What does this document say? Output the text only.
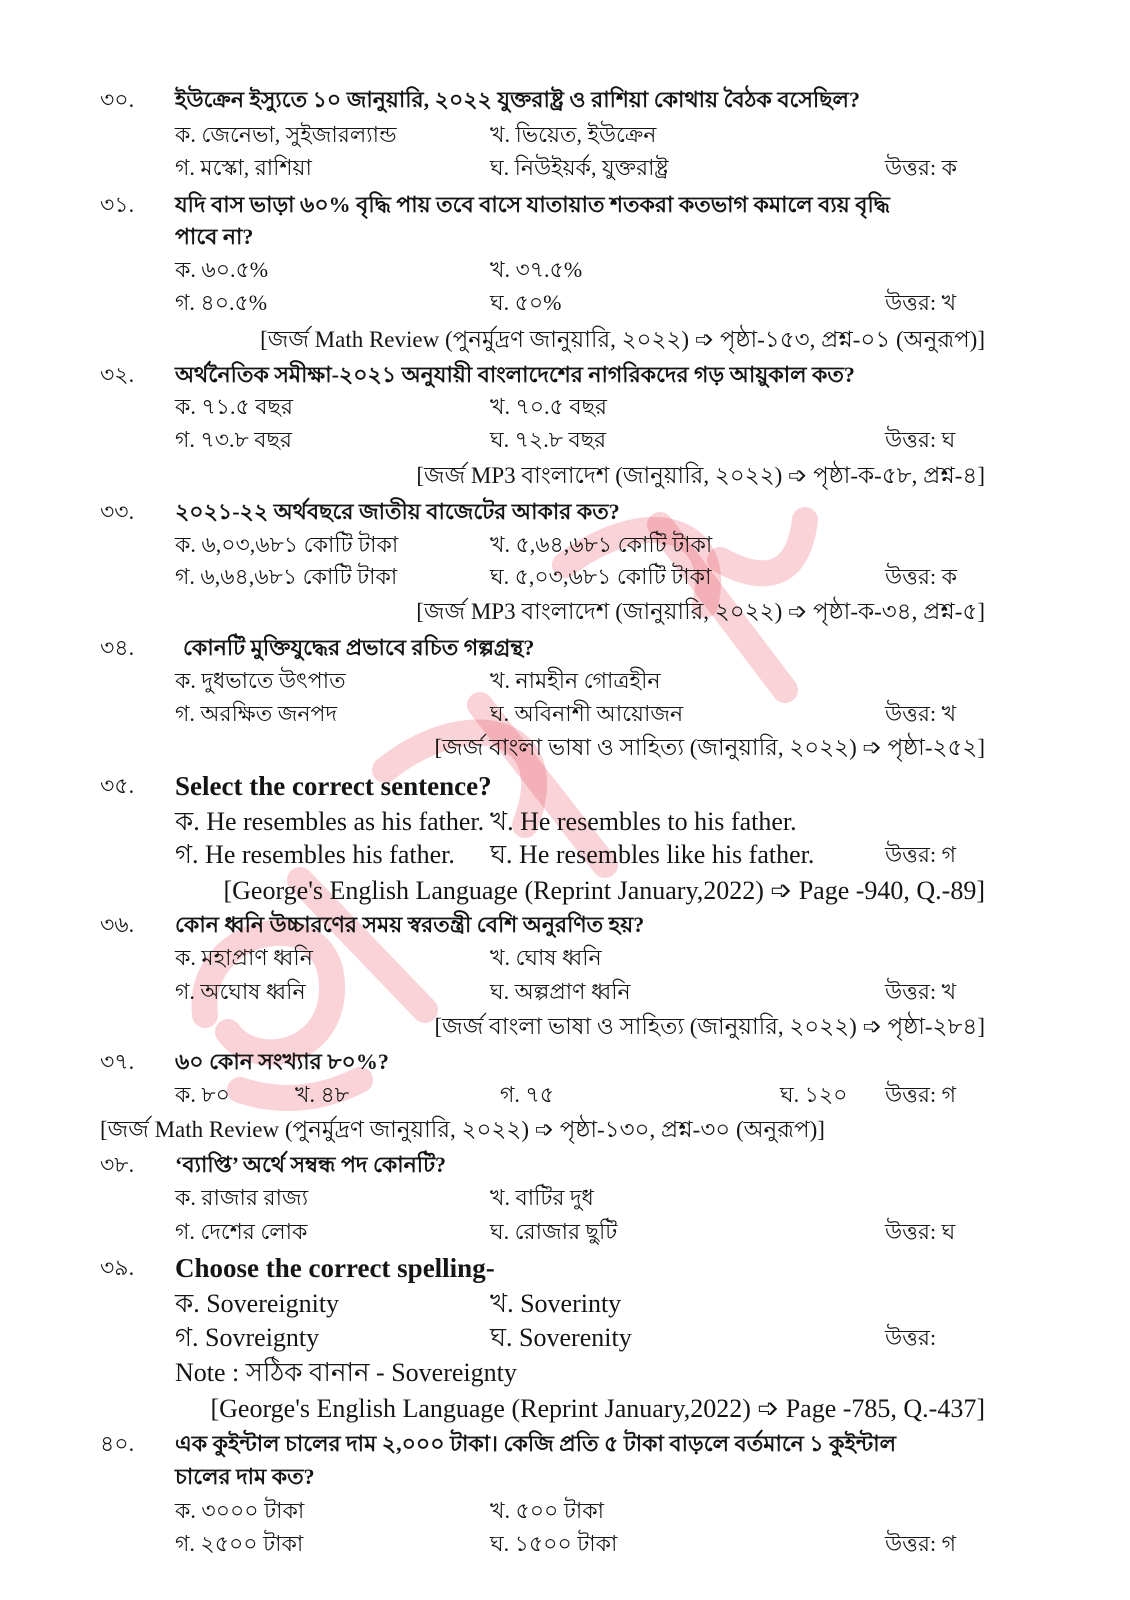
৩০. ইউক্রেন ইস্যুতে ১০ জানুয়ারি, ২০২২ যুক্তরাষ্ট্র ও রাশিয়া কোথায় বৈঠক বসেছিল?
ক. জেনেভা, সুইজারল্যান্ড	খ. ভিয়েত, ইউক্রেন
গ. মস্কো, রাশিয়া	ঘ. নিউইয়র্ক, যুক্তরাষ্ট্র	উত্তর: ক
৩১. যদি বাস ভাড়া ৬০% বৃদ্ধি পায় তবে বাসে যাতায়াত শতকরা কতভাগ কমালে ব্যয় বৃদ্ধি
পাবে না?
ক. ৬০.৫%	খ. ৩৭.৫%
গ. ৪০.৫%	ঘ. ৫০%	উত্তর: খ
[জর্জ Math Review (পুনর্মুদ্রণ জানুয়ারি, ২০২২) ➩ পৃষ্ঠা-১৫৩, প্রশ্ন-০১ (অনুরূপ)]
৩২. অর্থনৈতিক সমীক্ষা-২০২১ অনুযায়ী বাংলাদেশের নাগরিকদের গড় আয়ুকাল কত?
ক. ৭১.৫ বছর	খ. ৭০.৫ বছর
গ. ৭৩.৮ বছর	ঘ. ৭২.৮ বছর	উত্তর: ঘ
[জর্জ MP3 বাংলাদেশ (জানুয়ারি, ২০২২) ➩ পৃষ্ঠা-ক-৫৮, প্রশ্ন-৪]
৩৩. ২০২১-২২ অর্থবছরে জাতীয় বাজেটের আকার কত?
ক. ৬,০৩,৬৮১ কোটি টাকা	খ. ৫,৬৪,৬৮১ কোটি টাকা
গ. ৬,৬৪,৬৮১ কোটি টাকা	ঘ. ৫,০৩,৬৮১ কোটি টাকা	উত্তর: ক
[জর্জ MP3 বাংলাদেশ (জানুয়ারি, ২০২২) ➩ পৃষ্ঠা-ক-৩৪, প্রশ্ন-৫]
৩৪. কোনটি মুক্তিযুদ্ধের প্রভাবে রচিত গল্পগ্রন্থ?
ক. দুধভাতে উৎপাত	খ. নামহীন গোত্রহীন
গ. অরক্ষিত জনপদ	ঘ. অবিনাশী আয়োজন	উত্তর: খ
[জর্জ বাংলা ভাষা ও সাহিত্য (জানুয়ারি, ২০২২) ➩ পৃষ্ঠা-২৫২]
৩৫. Select the correct sentence?
ক. He resembles as his father. খ. He resembles to his father.
গ. He resembles his father. ঘ. He resembles like his father.	উত্তর: গ
[George's English Language (Reprint January,2022) ➩ Page -940, Q.-89]
৩৬. কোন ধ্বনি উচ্চারণের সময় স্বরতন্ত্রী বেশি অনুরণিত হয়?
ক. মহাপ্রাণ ধ্বনি	খ. ঘোষ ধ্বনি
গ. অঘোষ ধ্বনি	ঘ. অল্পপ্রাণ ধ্বনি	উত্তর: খ
[জর্জ বাংলা ভাষা ও সাহিত্য (জানুয়ারি, ২০২২) ➩ পৃষ্ঠা-২৮৪]
৩৭. ৬০ কোন সংখ্যার ৮০%?
ক. ৮০	খ. ৪৮	গ. ৭৫	ঘ. ১২০ উত্তর: গ
[জর্জ Math Review (পুনর্মুদ্রণ জানুয়ারি, ২০২২) ➩ পৃষ্ঠা-১৩০, প্রশ্ন-৩০ (অনুরূপ)]
৩৮. ‘ব্যাপ্তি’ অর্থে সম্বন্ধ পদ কোনটি?
ক. রাজার রাজ্য	খ. বাটির দুধ
গ. দেশের লোক	ঘ. রোজার ছুটি	উত্তর: ঘ
৩৯. Choose the correct spelling-
ক. Sovereignity	খ. Soverinty
গ. Sovreignty	ঘ. Soverenity	উত্তর:
Note : সঠিক বানান - Sovereignty
[George's English Language (Reprint January,2022) ➩ Page -785, Q.-437]
৪০. এক কুইন্টাল চালের দাম ২,০০০ টাকা। কেজি প্রতি ৫ টাকা বাড়লে বর্তমানে ১ কুইন্টাল
চালের দাম কত?
ক. ৩০০০ টাকা	খ. ৫০০ টাকা
গ. ২৫০০ টাকা	ঘ. ১৫০০ টাকা	উত্তর: গ
